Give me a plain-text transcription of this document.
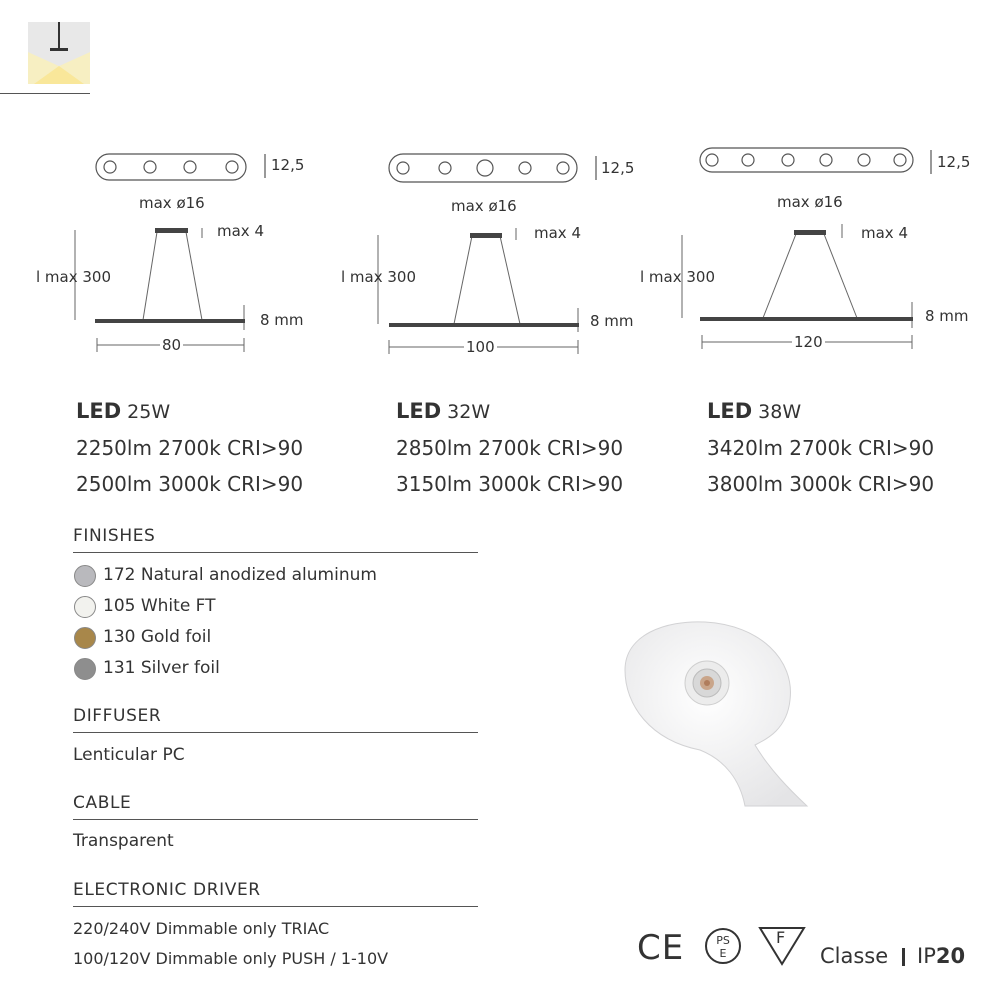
12,5
max ø16
max 4
l max 300
8 mm
80
12,5
max ø16
max 4
l max 300
8 mm
100
12,5
max ø16
max 4
l max 300
8 mm
120
LED 25W
2250lm 2700k CRI>90
2500lm 3000k CRI>90
LED 32W
2850lm 2700k CRI>90
3150lm 3000k CRI>90
LED 38W
3420lm 2700k CRI>90
3800lm 3000k CRI>90
FINISHES
172 Natural anodized aluminum
105 White FT
130 Gold foil
131 Silver foil
DIFFUSER
Lenticular PC
CABLE
Transparent
ELECTRONIC DRIVER
220/240V Dimmable only TRIAC
100/120V Dimmable only PUSH / 1-10V	CE	PS
E
F
Classe IP20
